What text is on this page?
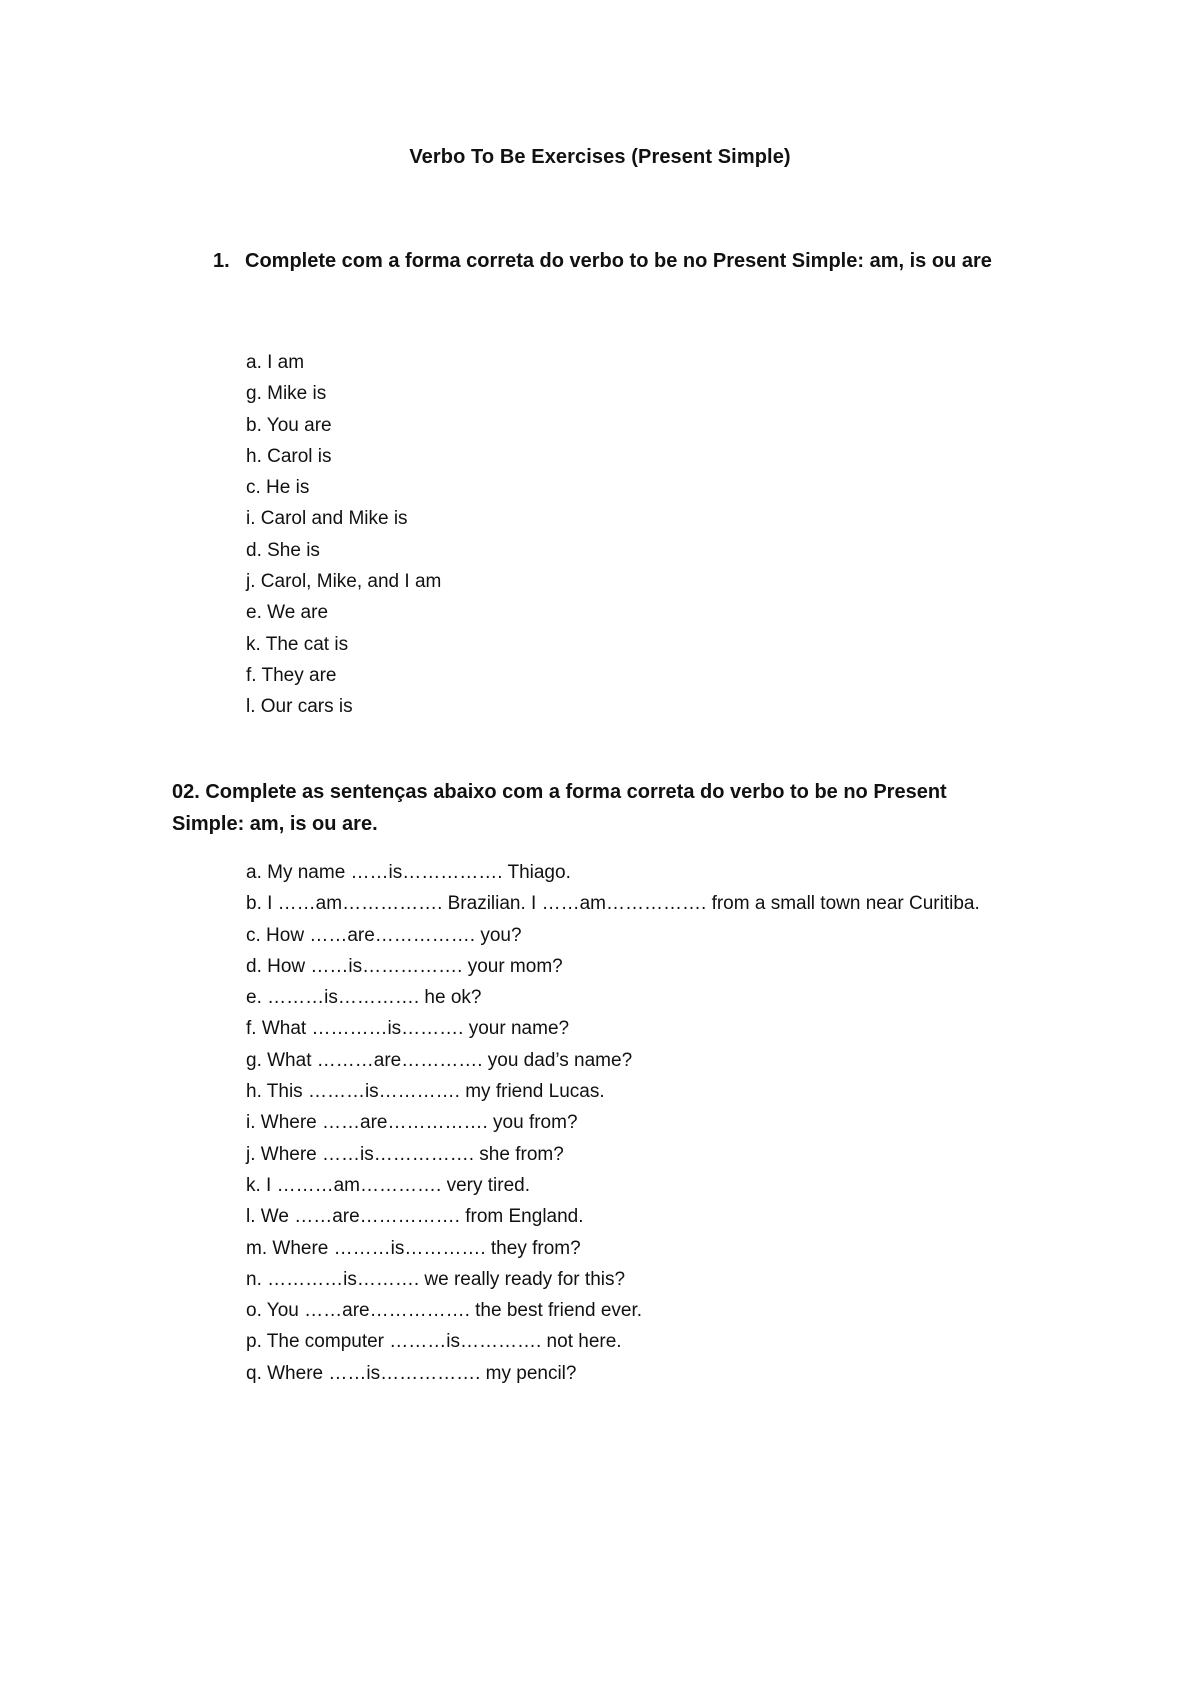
Verbo To Be Exercises (Present Simple)
1. Complete com a forma correta do verbo to be no Present Simple: am, is ou are
a. I am
g. Mike is
b. You are
h. Carol is
c. He is
i. Carol and Mike is
d. She is
j. Carol, Mike, and I am
e. We are
k. The cat is
f. They are
l. Our cars is
02. Complete as sentenças abaixo com a forma correta do verbo to be no Present Simple: am, is ou are.
a. My name ……is……………. Thiago.
b. I ……am……………. Brazilian. I ……am……………. from a small town near Curitiba.
c. How ……are……………. you?
d. How ……is……………. your mom?
e. ………is…………. he ok?
f. What …………is………. your name?
g. What ………are…………. you dad’s name?
h. This ………is…………. my friend Lucas.
i. Where ……are……………. you from?
j. Where ……is……………. she from?
k. I ………am…………. very tired.
l. We ……are……………. from England.
m. Where ………is…………. they from?
n. …………is………. we really ready for this?
o. You ……are……………. the best friend ever.
p. The computer ………is…………. not here.
q. Where ……is……………. my pencil?
